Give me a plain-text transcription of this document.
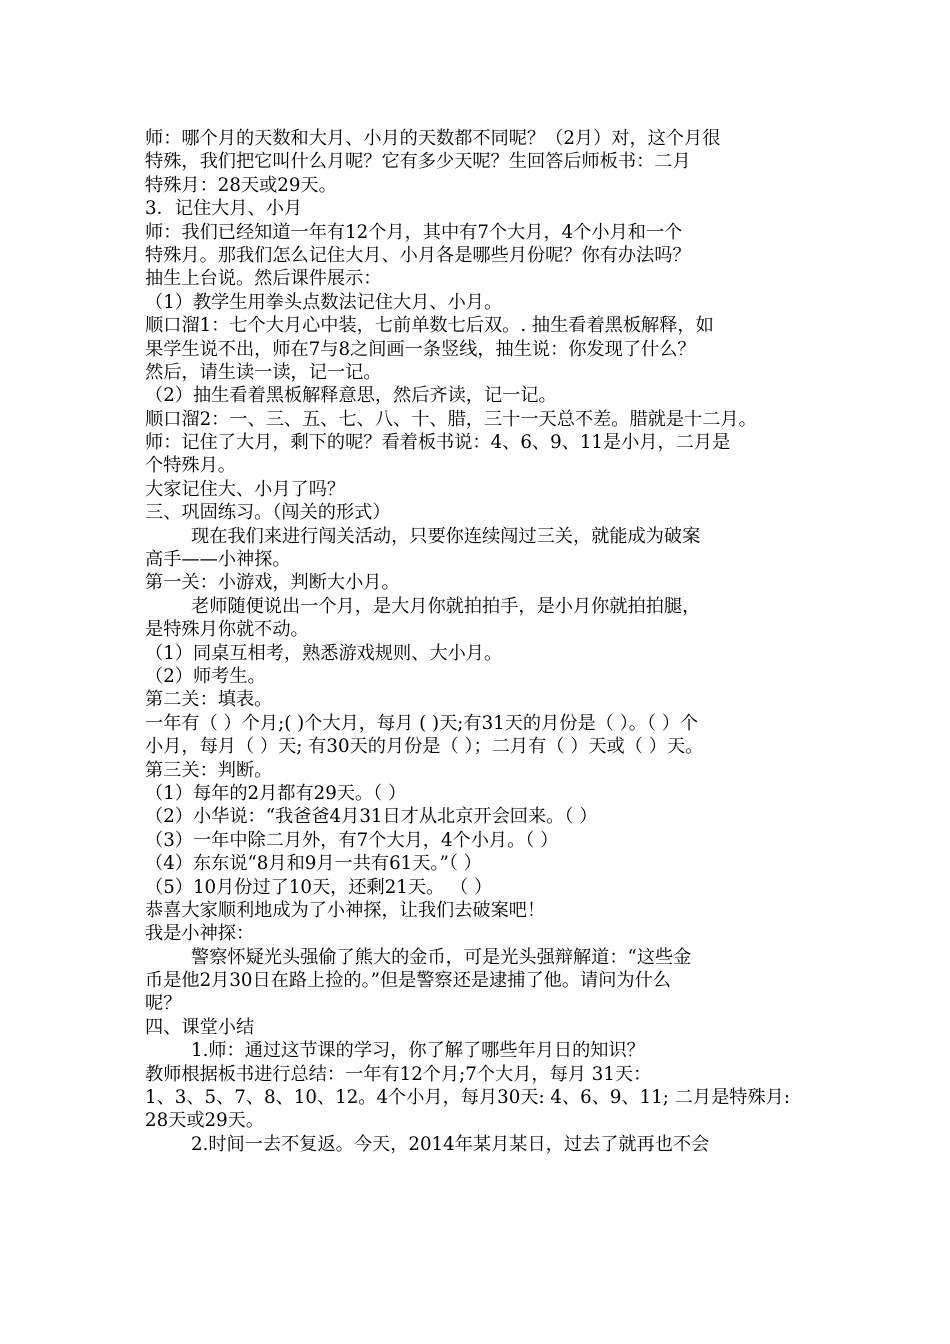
师：哪个月的天数和大月、小月的天数都不同呢？（2月）对，这个月很
特殊，我们把它叫什么月呢？它有多少天呢？生回答后师板书：二月
特殊月：28天或29天。
3．记住大月、小月
师：我们已经知道一年有12个月，其中有7个大月，4个小月和一个
特殊月。那我们怎么记住大月、小月各是哪些月份呢？你有办法吗？
抽生上台说。然后课件展示：
（1）教学生用拳头点数法记住大月、小月。
顺口溜1：七个大月心中装，七前单数七后双。. 抽生看着黑板解释，如
果学生说不出，师在7与8之间画一条竖线，抽生说：你发现了什么？
然后，请生读一读，记一记。
（2）抽生看着黑板解释意思，然后齐读，记一记。
顺口溜2：一、三、五、七、八、十、腊，三十一天总不差。腊就是十二月。
师：记住了大月，剩下的呢？看着板书说：4、6、9、11是小月，二月是
个特殊月。
大家记住大、小月了吗？
三、巩固练习。（闯关的形式）
现在我们来进行闯关活动，只要你连续闯过三关，就能成为破案
高手——小神探。
第一关：小游戏，判断大小月。
老师随便说出一个月，是大月你就拍拍手，是小月你就拍拍腿，
是特殊月你就不动。
（1）同桌互相考，熟悉游戏规则、大小月。
（2）师考生。
第二关：填表。
一年有（ ）个月;( )个大月，每月 ( )天;有31天的月份是（ ）。（ ）个
小月，每月（ ）天; 有30天的月份是（ ）；二月有（ ）天或（ ）天。
第三关：判断。
（1）每年的2月都有29天。（ ）
（2）小华说：“我爸爸4月31日才从北京开会回来。（ ）
（3）一年中除二月外，有7个大月，4个小月。（ ）
（4）东东说“8月和9月一共有61天。”（ ）
（5）10月份过了10天，还剩21天。 （ ）
恭喜大家顺利地成为了小神探，让我们去破案吧！
我是小神探：
警察怀疑光头强偷了熊大的金币，可是光头强辩解道：“这些金
币是他2月30日在路上捡的。”但是警察还是逮捕了他。请问为什么
呢？
四、课堂小结
1.师：通过这节课的学习，你了解了哪些年月日的知识？
教师根据板书进行总结：一年有12个月;7个大月，每月 31天：
1、3、5、7、8、10、12。4个小月，每月30天: 4、6、9、11; 二月是特殊月:
28天或29天。
2.时间一去不复返。今天，2014年某月某日，过去了就再也不会
